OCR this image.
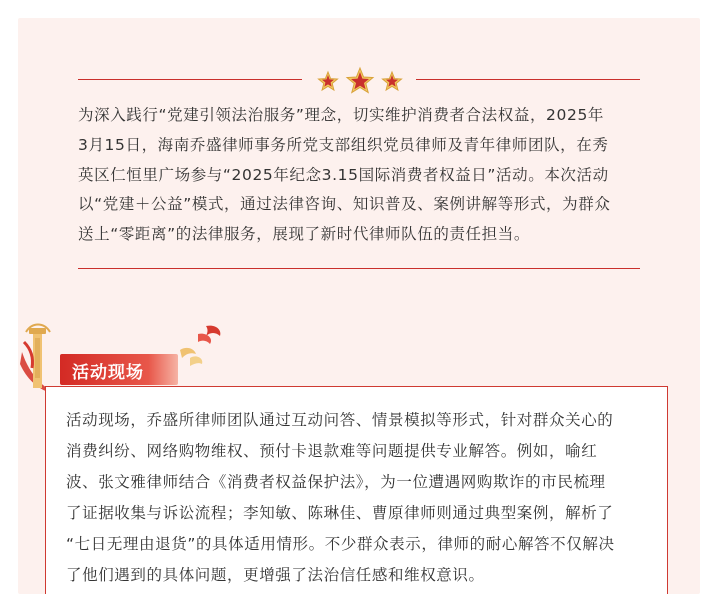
为深入践行“党建引领法治服务”理念，切实维护消费者合法权益，2025年
3月15日，海南乔盛律师事务所党支部组织党员律师及青年律师团队，在秀
英区仁恒里广场参与“2025年纪念3.15国际消费者权益日”活动。本次活动
以“党建＋公益”模式，通过法律咨询、知识普及、案例讲解等形式，为群众
送上“零距离”的法律服务，展现了新时代律师队伍的责任担当。
活动现场
活动现场，乔盛所律师团队通过互动问答、情景模拟等形式，针对群众关心的
消费纠纷、网络购物维权、预付卡退款难等问题提供专业解答。例如，喻红
波、张文雅律师结合《消费者权益保护法》，为一位遭遇网购欺诈的市民梳理
了证据收集与诉讼流程；李知敏、陈琳佳、曹原律师则通过典型案例，解析了
“七日无理由退货”的具体适用情形。不少群众表示，律师的耐心解答不仅解决
了他们遇到的具体问题，更增强了法治信任感和维权意识。
